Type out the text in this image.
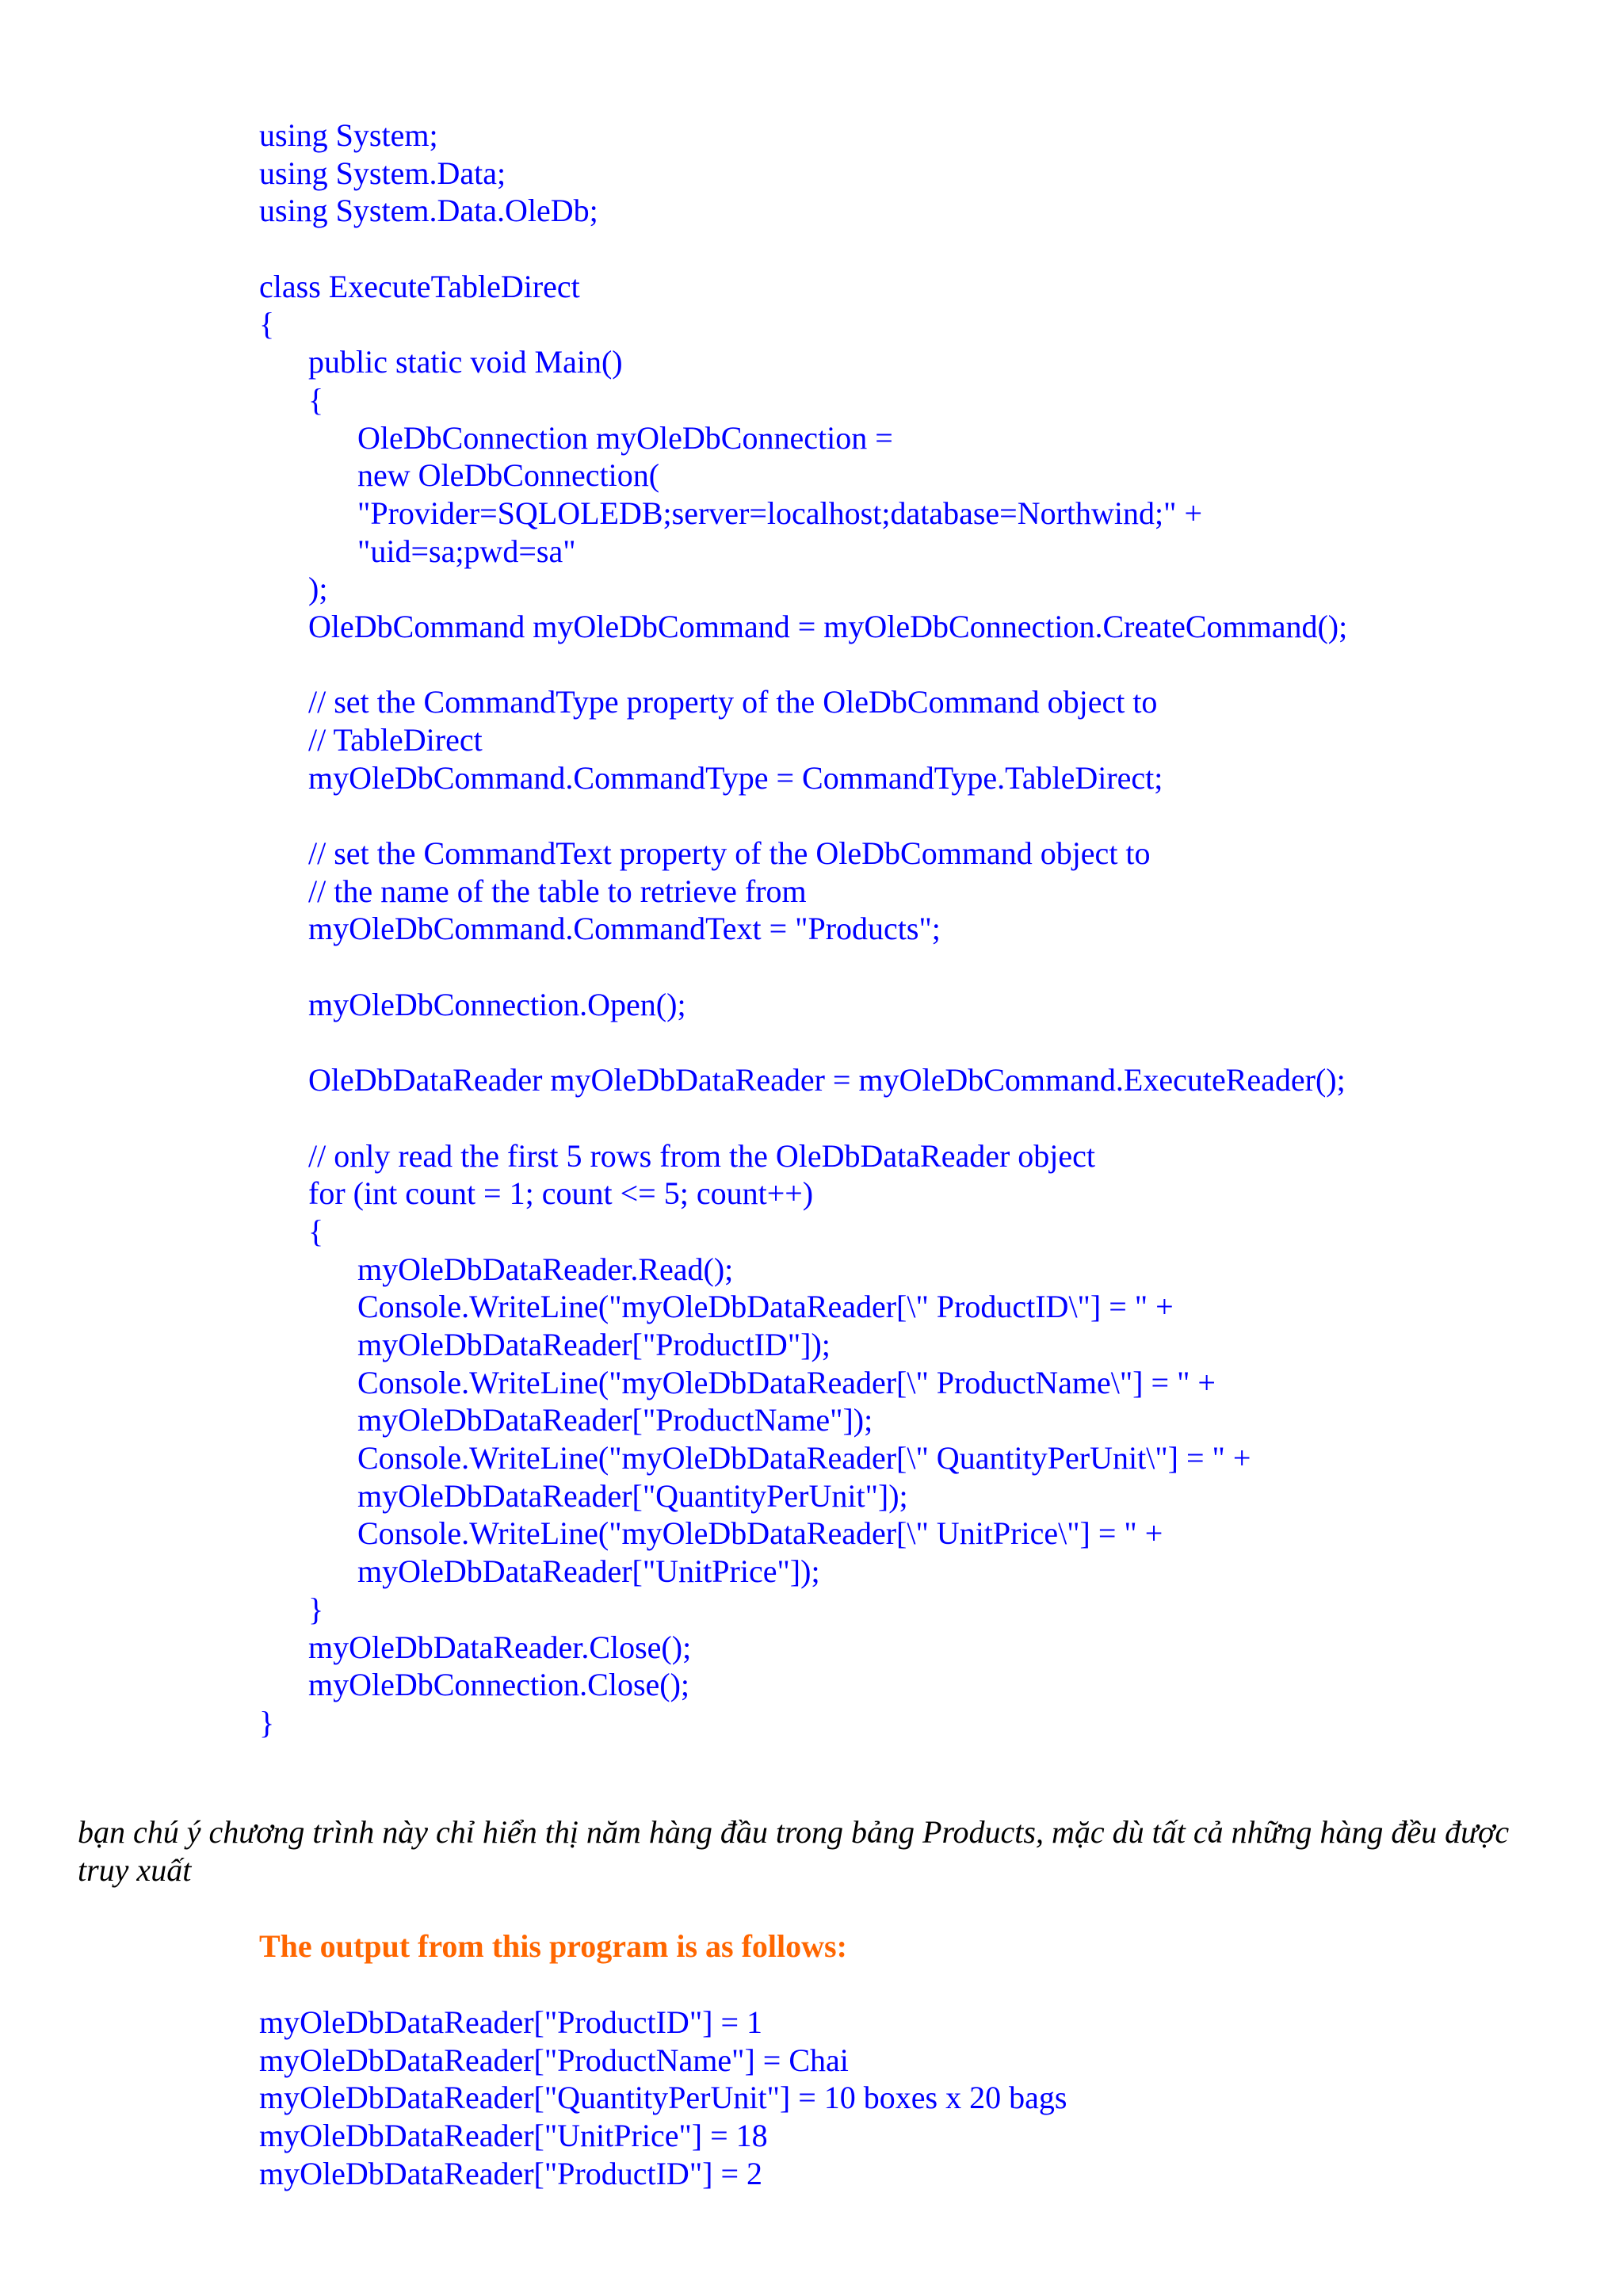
using System;
using System.Data;
using System.Data.OleDb;
class ExecuteTableDirect
{
public static void Main()
{
OleDbConnection myOleDbConnection =
new OleDbConnection(
"Provider=SQLOLEDB;server=localhost;database=Northwind;" +
"uid=sa;pwd=sa"
);
OleDbCommand myOleDbCommand = myOleDbConnection.CreateCommand();
// set the CommandType property of the OleDbCommand object to
// TableDirect
myOleDbCommand.CommandType = CommandType.TableDirect;
// set the CommandText property of the OleDbCommand object to
// the name of the table to retrieve from
myOleDbCommand.CommandText = "Products";
myOleDbConnection.Open();
OleDbDataReader myOleDbDataReader = myOleDbCommand.ExecuteReader();
// only read the first 5 rows from the OleDbDataReader object
for (int count = 1; count <= 5; count++)
{
myOleDbDataReader.Read();
Console.WriteLine("myOleDbDataReader[\" ProductID\"] = " +
myOleDbDataReader["ProductID"]);
Console.WriteLine("myOleDbDataReader[\" ProductName\"] = " +
myOleDbDataReader["ProductName"]);
Console.WriteLine("myOleDbDataReader[\" QuantityPerUnit\"] = " +
myOleDbDataReader["QuantityPerUnit"]);
Console.WriteLine("myOleDbDataReader[\" UnitPrice\"] = " +
myOleDbDataReader["UnitPrice"]);
}
myOleDbDataReader.Close();
myOleDbConnection.Close();
}
bạn chú ý chương trình này chỉ hiển thị năm hàng đầu trong bảng Products, mặc dù tất cả những hàng đều được truy xuất
The output from this program is as follows:
myOleDbDataReader["ProductID"] = 1
myOleDbDataReader["ProductName"] = Chai
myOleDbDataReader["QuantityPerUnit"] = 10 boxes x 20 bags
myOleDbDataReader["UnitPrice"] = 18
myOleDbDataReader["ProductID"] = 2
